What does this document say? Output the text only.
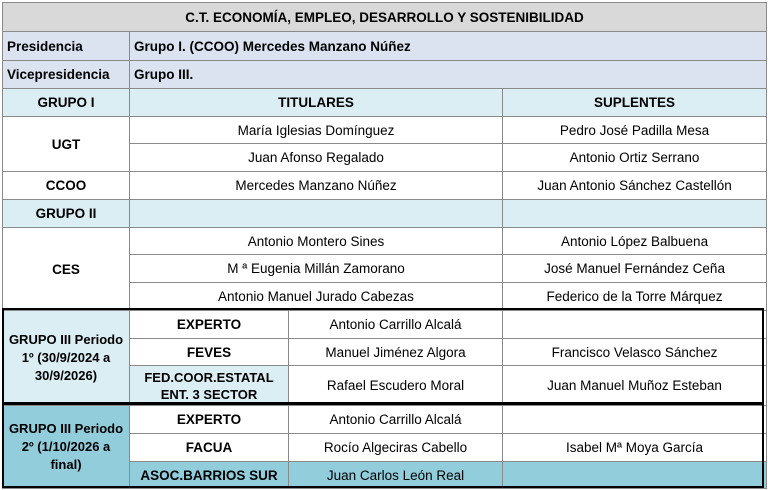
C.T. ECONOMÍA, EMPLEO, DESARROLLO Y SOSTENIBILIDAD			
Presidencia	Grupo I. (CCOO) Mercedes Manzano Núñez		
Vicepresidencia	Grupo III.		
GRUPO I	TITULARES		SUPLENTES
UGT	María Iglesias Domínguez		Pedro José Padilla Mesa
	Juan Afonso Regalado		Antonio Ortiz Serrano
CCOO	Mercedes Manzano Núñez		Juan Antonio Sánchez Castellón
GRUPO II			
CES	Antonio Montero Sines		Antonio López Balbuena
	M ª Eugenia Millán Zamorano		José Manuel Fernández Ceña
	Antonio Manuel Jurado Cabezas		Federico de la Torre Márquez
GRUPO III Periodo 1º (30/9/2024 a 30/9/2026)	EXPERTO	Antonio Carrillo Alcalá	
	FEVES	Manuel Jiménez Algora	Francisco Velasco Sánchez
	FED.COOR.ESTATAL ENT. 3 SECTOR	Rafael Escudero Moral	Juan Manuel Muñoz Esteban
GRUPO III Periodo 2º (1/10/2026 a final)	EXPERTO	Antonio Carrillo Alcalá	
	FACUA	Rocío Algeciras Cabello	Isabel Mª Moya García
	ASOC.BARRIOS SUR	Juan Carlos León Real	
